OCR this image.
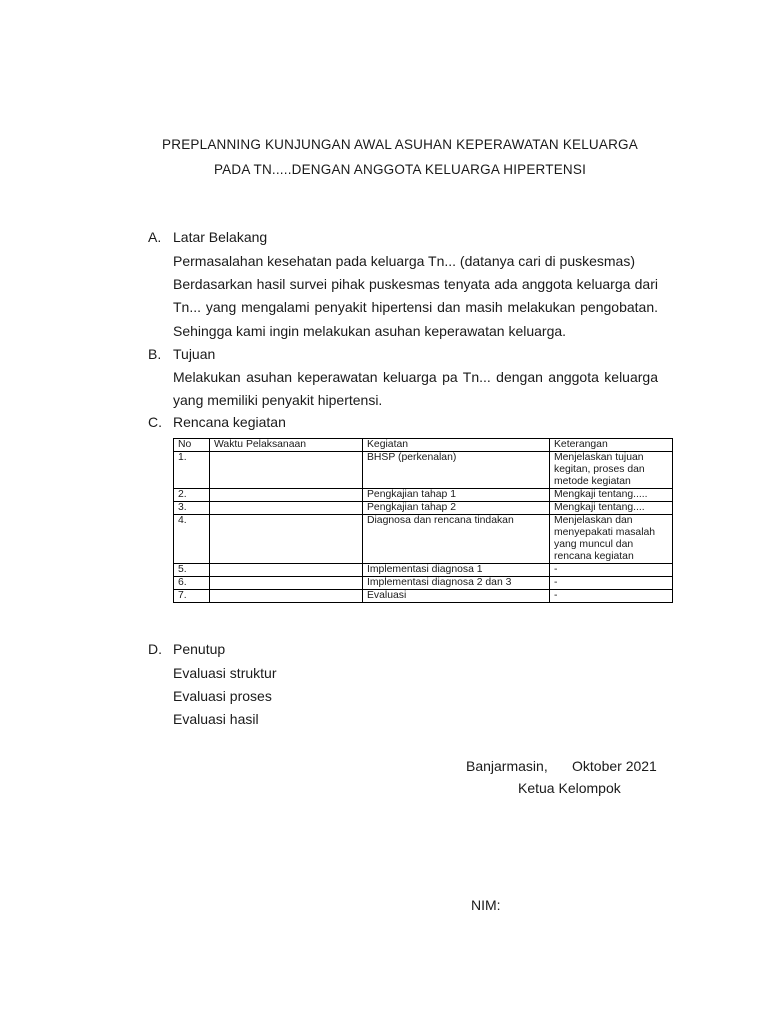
PREPLANNING KUNJUNGAN AWAL ASUHAN KEPERAWATAN KELUARGA
PADA TN.....DENGAN ANGGOTA KELUARGA HIPERTENSI
A. Latar Belakang
Permasalahan kesehatan pada keluarga Tn... (datanya cari di puskesmas)
Berdasarkan hasil survei pihak puskesmas tenyata ada anggota keluarga dari Tn... yang mengalami penyakit hipertensi dan masih melakukan pengobatan. Sehingga kami ingin melakukan asuhan keperawatan keluarga.
B. Tujuan
Melakukan asuhan keperawatan keluarga pa Tn... dengan anggota keluarga yang memiliki penyakit hipertensi.
C. Rencana kegiatan
No	Waktu Pelaksanaan	Kegiatan	Keterangan
1.		BHSP (perkenalan)	Menjelaskan tujuan kegitan, proses dan metode kegiatan
2.		Pengkajian tahap 1	Mengkaji tentang.....
3.		Pengkajian tahap 2	Mengkaji tentang....
4.		Diagnosa dan rencana tindakan	Menjelaskan dan menyepakati masalah yang muncul dan rencana kegiatan
5.		Implementasi diagnosa 1	-
6.		Implementasi diagnosa 2 dan 3	-
7.		Evaluasi	-
D. Penutup
Evaluasi struktur
Evaluasi proses
Evaluasi hasil
Banjarmasin, Oktober 2021
Ketua Kelompok
NIM:
